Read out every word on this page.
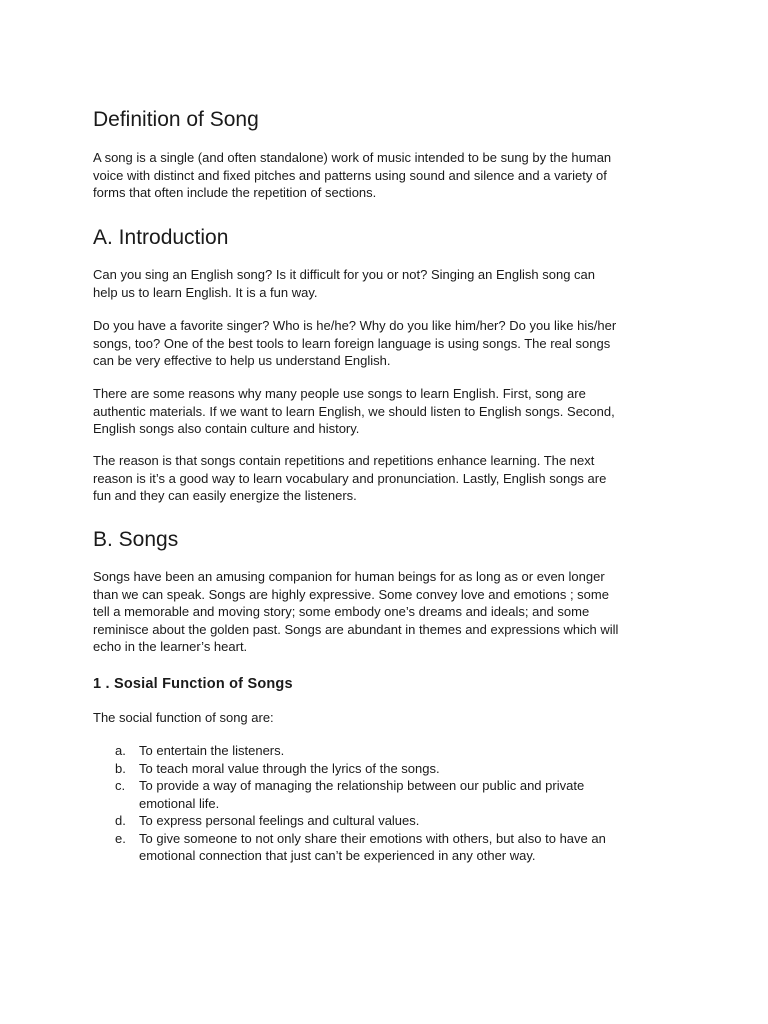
Definition of Song

A song is a single (and often standalone) work of music intended to be sung by the human
voice with distinct and fixed pitches and patterns using sound and silence and a variety of
forms that often include the repetition of sections.

A. Introduction

Can you sing an English song? Is it difficult for you or not? Singing an English song can
help us to learn English. It is a fun way.

Do you have a favorite singer? Who is he/he? Why do you like him/her? Do you like his/her
songs, too? One of the best tools to learn foreign language is using songs. The real songs
can be very effective to help us understand English.

There are some reasons why many people use songs to learn English. First, song are
authentic materials. If we want to learn English, we should listen to English songs. Second,
English songs also contain culture and history.

The reason is that songs contain repetitions and repetitions enhance learning. The next
reason is it’s a good way to learn vocabulary and pronunciation. Lastly, English songs are
fun and they can easily energize the listeners.

B. Songs

Songs have been an amusing companion for human beings for as long as or even longer
than we can speak. Songs are highly expressive. Some convey love and emotions ; some
tell a memorable and moving story; some embody one’s dreams and ideals; and some
reminisce about the golden past. Songs are abundant in themes and expressions which will
echo in the learner’s heart.

1 . Sosial Function of Songs

The social function of song are:

a. To entertain the listeners.
b. To teach moral value through the lyrics of the songs.
c. To provide a way of managing the relationship between our public and private
emotional life.
d. To express personal feelings and cultural values.
e. To give someone to not only share their emotions with others, but also to have an
emotional connection that just can’t be experienced in any other way.
